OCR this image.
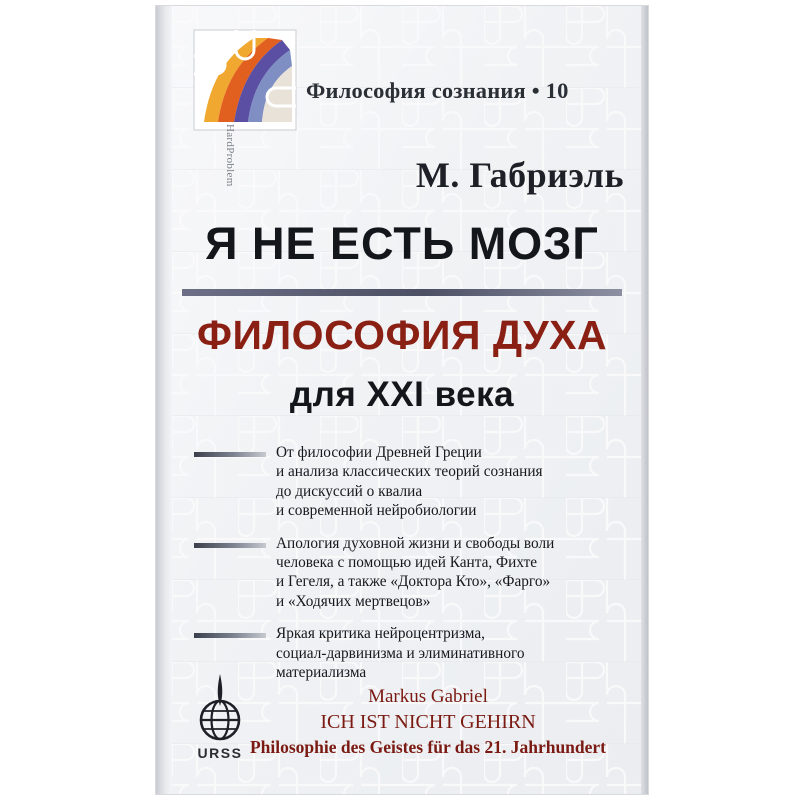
HardProblem
Философия сознания • 10
М. Габриэль
Я НЕ ЕСТЬ МОЗГ
ФИЛОСОФИЯ ДУХА
для XXI века

От философии Древней Греции
и анализа классических теорий сознания
до дискуссий о квалиа
и современной нейробиологии

Апология духовной жизни и свободы воли
человека с помощью идей Канта, Фихте
и Гегеля, а также «Доктора Кто», «Фарго»
и «Ходячих мертвецов»

Яркая критика нейроцентризма,
социал-дарвинизма и элиминативного
материализма

URSS
Markus Gabriel
ICH IST NICHT GEHIRN
Philosophie des Geistes für das 21. Jahrhundert
